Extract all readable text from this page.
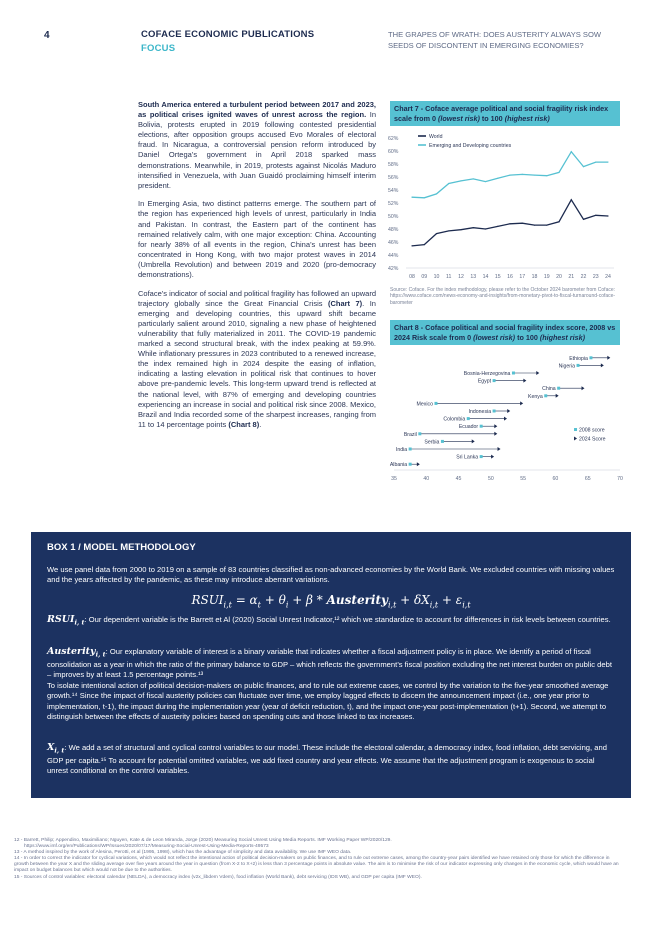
4	COFACE ECONOMIC PUBLICATIONS
FOCUS
THE GRAPES OF WRATH: DOES AUSTERITY ALWAYS SOW SEEDS OF DISCONTENT IN EMERGING ECONOMIES?

South America entered a turbulent period between 2017 and 2023, as political crises ignited waves of unrest across the region. In Bolivia, protests erupted in 2019 following contested presidential elections, after opposition groups accused Evo Morales of electoral fraud. In Nicaragua, a controversial pension reform introduced by Daniel Ortega’s government in April 2018 sparked mass demonstrations. Meanwhile, in 2019, protests against Nicolás Maduro intensified in Venezuela, with Juan Guaidó proclaiming himself interim president.

In Emerging Asia, two distinct patterns emerge. The southern part of the region has experienced high levels of unrest, particularly in India and Pakistan. In contrast, the Eastern part of the continent has remained relatively calm, with one major exception: China. Accounting for nearly 38% of all events in the region, China’s unrest has been concentrated in Hong Kong, with two major protest waves in 2014 (Umbrella Revolution) and between 2019 and 2020 (pro-democracy demonstrations).

Coface’s indicator of social and political fragility has followed an upward trajectory globally since the Great Financial Crisis (Chart 7). In emerging and developing countries, this upward shift became particularly salient around 2010, signaling a new phase of heightened vulnerability that fully materialized in 2011. The COVID-19 pandemic marked a second structural break, with the index peaking at 59.9%. While inflationary pressures in 2023 contributed to a renewed increase, the index remained high in 2024 despite the easing of inflation, indicating a lasting elevation in political risk that continues to hover above pre-pandemic levels. This long-term upward trend is reflected at the national level, with 87% of emerging and developing countries experiencing an increase in social and political risk since 2008. Mexico, Brazil and India recorded some of the sharpest increases, ranging from 11 to 14 percentage points (Chart 8).

Chart 7 - Coface average political and social fragility risk index scale from 0 (lowest risk) to 100 (highest risk)
42%
44%
46%
48%
50%
52%
54%
56%
58%
60%
62%
08 09 10 11 12 13 14 15 16 17 18 19 20 21 22 23 24
World
Emerging and Developing countries
Source: Coface. For the index methodology, please refer to the October 2024 barometer from Coface: https://www.coface.com/news-economy-and-insights/from-monetary-pivot-to-fiscal-turnaround-coface-barometer
Chart 8 - Coface political and social fragility index score, 2008 vs 2024 Risk scale from 0 (lowest risk) to 100 (highest risk)
Ethiopia
Nigeria
Bosnia-Herzegovina
Egypt
China
Kenya
Mexico
Indonesia
Colombia
Ecuador
Brazil
Serbia
India
Sri Lanka
Albania
35	40	45	50	55	60	65	70
2008 score
2024 Score
BOX 1 / MODEL METHODOLOGY

We use panel data from 2000 to 2019 on a sample of 83 countries classified as non-advanced economies by the World Bank. We excluded countries with missing values and the years affected by the pandemic, as these may introduce aberrant variations.

$RSUI_{i,t} = \alpha_t + \theta_i + \beta$ * Austerity$_{i,t}$ + $\delta X_{i,t} + \varepsilon_{i,t}$

$RSUI_{i, t}$: Our dependent variable is the Barrett et Al (2020) Social Unrest Indicator,¹² which we standardize to account for differences in risk levels between countries.

Austerity$_{i, t}$: Our explanatory variable of interest is a binary variable that indicates whether a fiscal adjustment policy is in place. We identify a period of fiscal consolidation as a year in which the ratio of the primary balance to GDP – which reflects the government’s fiscal position excluding the net interest burden on public debt – improves by at least 1.5 percentage points.¹³
To isolate intentional action of political decision-makers on public finances, and to rule out extreme cases, we control by the variation to the five-year smoothed average growth.¹⁴ Since the impact of fiscal austerity policies can fluctuate over time, we employ lagged effects to discern the announcement impact (i.e., one year prior to implementation, t-1), the impact during the implementation year (year of deficit reduction, t), and the impact one-year post-implementation (t+1). Second, we attempt to distinguish between the effects of austerity policies based on spending cuts and those linked to tax increases.

$X_{i, t}$: We add a set of structural and cyclical control variables to our model. These include the electoral calendar, a democracy index, food inflation, debt servicing, and GDP per capita.¹⁵ To account for potential omitted variables, we add fixed country and year effects. We assume that the adjustment program is exogenous to social unrest conditional on the control variables.

12 - Barrett, Philip; Appendino, Maximiliano; Nguyen, Kate & de Leon Miranda, Jorge (2020) Measuring Social Unrest Using Media Reports. IMF Working Paper WP/2020/129.
https://www.imf.org/en/Publications/WP/Issues/2020/07/17/Measuring-Social-Unrest-Using-Media-Reports-49573
13 - A method inspired by the work of Alesina, Perotti, et al (1995, 1998), which has the advantage of simplicity and data availability. We use IMF WEO data.
14 - In order to correct the indicator for cyclical variations, which would not reflect the intentional action of political decision-makers on public finances, and to rule out extreme cases, among the country-year pairs identified we have retained only those for which the difference in growth between the year X and the sliding average over five years around the year in question (from X-2 to X+2) is less than 3 percentage points in absolute value. The aim is to minimise the risk of our indicator expressing only changes in the economic cycle, which would have an impact on budget balances but which would not be due to the authorities.
15 - Sources of control variables: electoral calendar (NELDA), a democracy index (v2x_libdem Vdem), food inflation (World Bank), debt servicing (IDS WB), and GDP per capita (IMF WEO).
